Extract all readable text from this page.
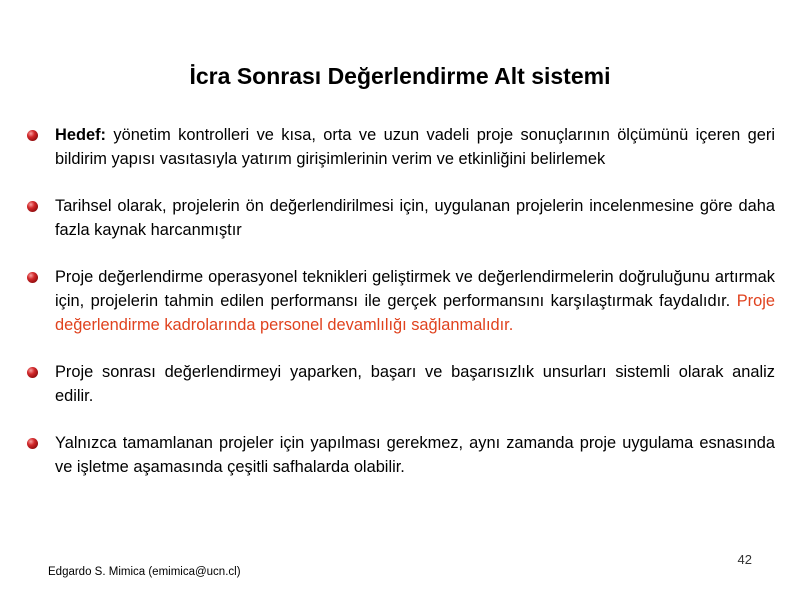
İcra Sonrası Değerlendirme Alt sistemi
Hedef: yönetim kontrolleri ve kısa, orta ve uzun vadeli proje sonuçlarının ölçümünü içeren geri bildirim yapısı vasıtasıyla yatırım girişimlerinin verim ve etkinliğini belirlemek
Tarihsel olarak, projelerin ön değerlendirilmesi için, uygulanan projelerin incelenmesine göre daha fazla kaynak harcanmıştır
Proje değerlendirme operasyonel teknikleri geliştirmek ve değerlendirmelerin doğruluğunu artırmak için, projelerin tahmin edilen performansı ile gerçek performansını karşılaştırmak faydalıdır. Proje değerlendirme kadrolarında personel devamlılığı sağlanmalıdır.
Proje sonrası değerlendirmeyi yaparken, başarı ve başarısızlık unsurları sistemli olarak analiz edilir.
Yalnızca tamamlanan projeler için yapılması gerekmez, aynı zamanda proje uygulama esnasında ve işletme aşamasında çeşitli safhalarda olabilir.
Edgardo S. Mimica (emimica@ucn.cl)
42
